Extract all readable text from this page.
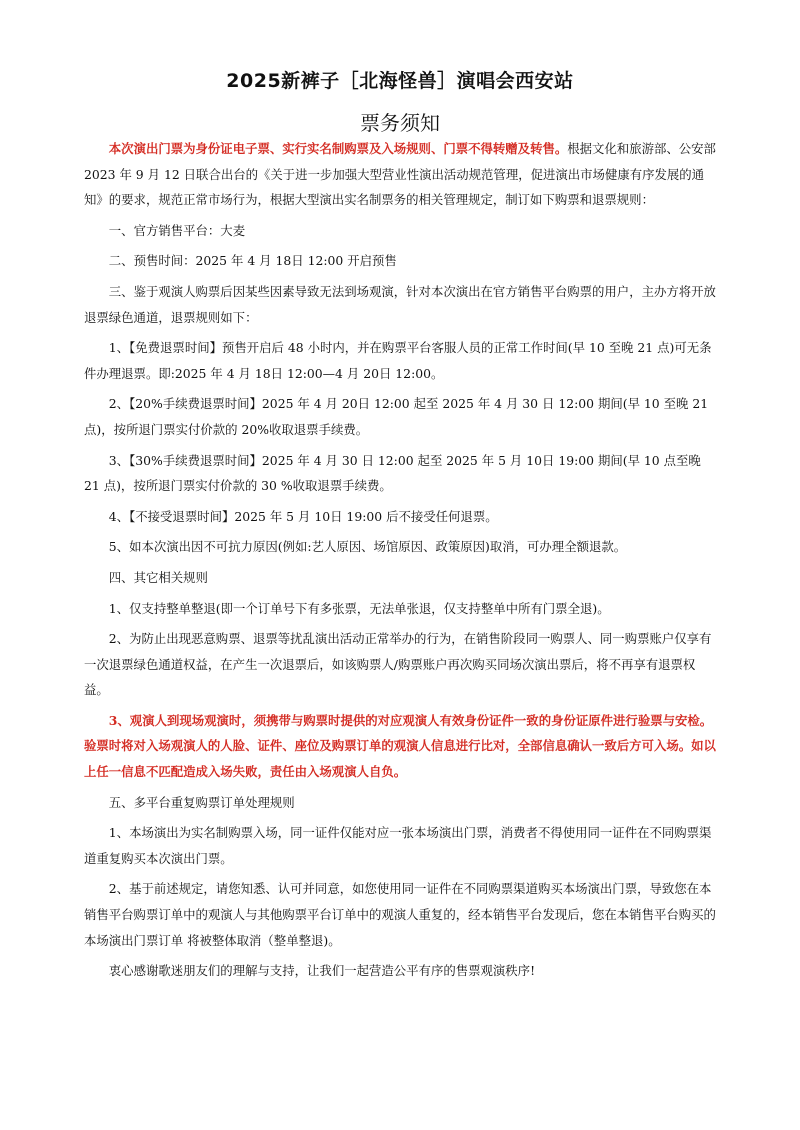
2025新裤子［北海怪兽］演唱会西安站
票务须知

本次演出门票为身份证电子票、实行实名制购票及入场规则、门票不得转赠及转售。根据文化和旅游部、公安部 2023 年 9 月 12 日联合出台的《关于进一步加强大型营业性演出活动规范管理，促进演出市场健康有序发展的通知》的要求，规范正常市场行为，根据大型演出实名制票务的相关管理规定，制订如下购票和退票规则：

一、官方销售平台：大麦

二、预售时间：2025 年 4 月 18日 12:00 开启预售

三、鉴于观演人购票后因某些因素导致无法到场观演，针对本次演出在官方销售平台购票的用户，主办方将开放退票绿色通道，退票规则如下：

1、【免费退票时间】预售开启后 48 小时内，并在购票平台客服人员的正常工作时间(早 10 至晚 21 点)可无条件办理退票。即:2025 年 4 月 18日 12:00—4 月 20日 12:00。

2、【20%手续费退票时间】2025 年 4 月 20日 12:00 起至 2025 年 4 月 30 日 12:00 期间(早 10 至晚 21 点)，按所退门票实付价款的 20%收取退票手续费。

3、【30%手续费退票时间】2025 年 4 月 30 日 12:00 起至 2025 年 5 月 10日 19:00 期间(早 10 点至晚 21 点)，按所退门票实付价款的 30 %收取退票手续费。

4、【不接受退票时间】2025 年 5 月 10日 19:00 后不接受任何退票。

5、如本次演出因不可抗力原因(例如:艺人原因、场馆原因、政策原因)取消，可办理全额退款。

四、其它相关规则

1、仅支持整单整退(即一个订单号下有多张票，无法单张退，仅支持整单中所有门票全退)。

2、为防止出现恶意购票、退票等扰乱演出活动正常举办的行为，在销售阶段同一购票人、同一购票账户仅享有一次退票绿色通道权益，在产生一次退票后，如该购票人/购票账户再次购买同场次演出票后，将不再享有退票权益。

3、观演人到现场观演时，须携带与购票时提供的对应观演人有效身份证件一致的身份证原件进行验票与安检。验票时将对入场观演人的人脸、证件、座位及购票订单的观演人信息进行比对，全部信息确认一致后方可入场。如以上任一信息不匹配造成入场失败，责任由入场观演人自负。

五、多平台重复购票订单处理规则

1、本场演出为实名制购票入场，同一证件仅能对应一张本场演出门票，消费者不得使用同一证件在不同购票渠道重复购买本次演出门票。

2、基于前述规定，请您知悉、认可并同意，如您使用同一证件在不同购票渠道购买本场演出门票，导致您在本销售平台购票订单中的观演人与其他购票平台订单中的观演人重复的，经本销售平台发现后，您在本销售平台购买的本场演出门票订单 将被整体取消（整单整退)。

衷心感谢歌迷朋友们的理解与支持，让我们一起营造公平有序的售票观演秩序!
